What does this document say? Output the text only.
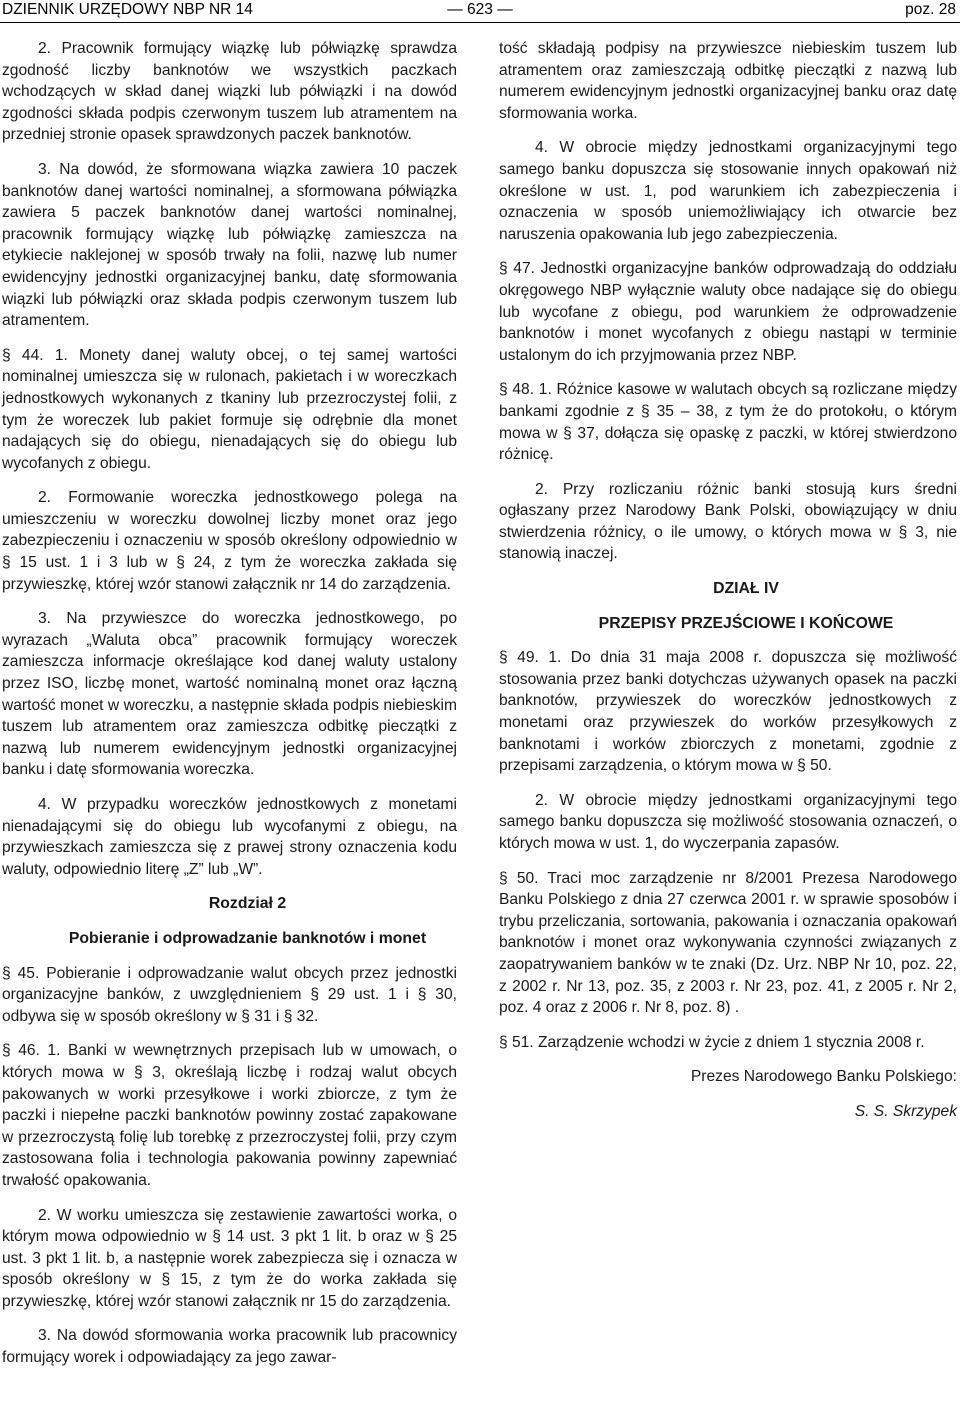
DZIENNIK URZĘDOWY NBP NR 14	— 623 —	poz. 28

2. Pracownik formujący wiązkę lub półwiązkę sprawdza zgodność liczby banknotów we wszystkich paczkach wchodzących w skład danej wiązki lub półwiązki i na dowód zgodności składa podpis czerwonym tuszem lub atramentem na przedniej stronie opasek sprawdzonych paczek banknotów.

3. Na dowód, że sformowana wiązka zawiera 10 paczek banknotów danej wartości nominalnej, a sformowana półwiązka zawiera 5 paczek banknotów danej wartości nominalnej, pracownik formujący wiązkę lub półwiązkę zamieszcza na etykiecie naklejonej w sposób trwały na folii, nazwę lub numer ewidencyjny jednostki organizacyjnej banku, datę sformowania wiązki lub półwiązki oraz składa podpis czerwonym tuszem lub atramentem.

§ 44. 1. Monety danej waluty obcej, o tej samej wartości nominalnej umieszcza się w rulonach, pakietach i w woreczkach jednostkowych wykonanych z tkaniny lub przezroczystej folii, z tym że woreczek lub pakiet formuje się odrębnie dla monet nadających się do obiegu, nienadających się do obiegu lub wycofanych z obiegu.

2. Formowanie woreczka jednostkowego polega na umieszczeniu w woreczku dowolnej liczby monet oraz jego zabezpieczeniu i oznaczeniu w sposób określony odpowiednio w § 15 ust. 1 i 3 lub w § 24, z tym że woreczka zakłada się przywieszkę, której wzór stanowi załącznik nr 14 do zarządzenia.

3. Na przywieszce do woreczka jednostkowego, po wyrazach „Waluta obca” pracownik formujący woreczek zamieszcza informacje określające kod danej waluty ustalony przez ISO, liczbę monet, wartość nominalną monet oraz łączną wartość monet w woreczku, a następnie składa podpis niebieskim tuszem lub atramentem oraz zamieszcza odbitkę pieczątki z nazwą lub numerem ewidencyjnym jednostki organizacyjnej banku i datę sformowania woreczka.

4. W przypadku woreczków jednostkowych z monetami nienadającymi się do obiegu lub wycofanymi z obiegu, na przywieszkach zamieszcza się z prawej strony oznaczenia kodu waluty, odpowiednio literę „Z” lub „W”.

Rozdział 2

Pobieranie i odprowadzanie banknotów i monet

§ 45. Pobieranie i odprowadzanie walut obcych przez jednostki organizacyjne banków, z uwzględnieniem § 29 ust. 1 i § 30, odbywa się w sposób określony w § 31 i § 32.

§ 46. 1. Banki w wewnętrznych przepisach lub w umowach, o których mowa w § 3, określają liczbę i rodzaj walut obcych pakowanych w worki przesyłkowe i worki zbiorcze, z tym że paczki i niepełne paczki banknotów powinny zostać zapakowane w przezroczystą folię lub torebkę z przezroczystej folii, przy czym zastosowana folia i technologia pakowania powinny zapewniać trwałość opakowania.

2. W worku umieszcza się zestawienie zawartości worka, o którym mowa odpowiednio w § 14 ust. 3 pkt 1 lit. b oraz w § 25 ust. 3 pkt 1 lit. b, a następnie worek zabezpiecza się i oznacza w sposób określony w § 15, z tym że do worka zakłada się przywieszkę, której wzór stanowi załącznik nr 15 do zarządzenia.

3. Na dowód sformowania worka pracownik lub pracownicy formujący worek i odpowiadający za jego zawar-

tość składają podpisy na przywieszce niebieskim tuszem lub atramentem oraz zamieszczają odbitkę pieczątki z nazwą lub numerem ewidencyjnym jednostki organizacyjnej banku oraz datę sformowania worka.

4. W obrocie między jednostkami organizacyjnymi tego samego banku dopuszcza się stosowanie innych opakowań niż określone w ust. 1, pod warunkiem ich zabezpieczenia i oznaczenia w sposób uniemożliwiający ich otwarcie bez naruszenia opakowania lub jego zabezpieczenia.

§ 47. Jednostki organizacyjne banków odprowadzają do oddziału okręgowego NBP wyłącznie waluty obce nadające się do obiegu lub wycofane z obiegu, pod warunkiem że odprowadzenie banknotów i monet wycofanych z obiegu nastąpi w terminie ustalonym do ich przyjmowania przez NBP.

§ 48. 1. Różnice kasowe w walutach obcych są rozliczane między bankami zgodnie z § 35 – 38, z tym że do protokołu, o którym mowa w § 37, dołącza się opaskę z paczki, w której stwierdzono różnicę.

2. Przy rozliczaniu różnic banki stosują kurs średni ogłaszany przez Narodowy Bank Polski, obowiązujący w dniu stwierdzenia różnicy, o ile umowy, o których mowa w § 3, nie stanowią inaczej.

DZIAŁ IV

PRZEPISY PRZEJŚCIOWE I KOŃCOWE

§ 49. 1. Do dnia 31 maja 2008 r. dopuszcza się możliwość stosowania przez banki dotychczas używanych opasek na paczki banknotów, przywieszek do woreczków jednostkowych z monetami oraz przywieszek do worków przesyłkowych z banknotami i worków zbiorczych z monetami, zgodnie z przepisami zarządzenia, o którym mowa w § 50.

2. W obrocie między jednostkami organizacyjnymi tego samego banku dopuszcza się możliwość stosowania oznaczeń, o których mowa w ust. 1, do wyczerpania zapasów.

§ 50. Traci moc zarządzenie nr 8/2001 Prezesa Narodowego Banku Polskiego z dnia 27 czerwca 2001 r. w sprawie sposobów i trybu przeliczania, sortowania, pakowania i oznaczania opakowań banknotów i monet oraz wykonywania czynności związanych z zaopatrywaniem banków w te znaki (Dz. Urz. NBP Nr 10, poz. 22, z 2002 r. Nr 13, poz. 35, z 2003 r. Nr 23, poz. 41, z 2005 r. Nr 2, poz. 4 oraz z 2006 r. Nr 8, poz. 8) .

§ 51. Zarządzenie wchodzi w życie z dniem 1 stycznia 2008 r.

Prezes Narodowego Banku Polskiego:

S. S. Skrzypek
